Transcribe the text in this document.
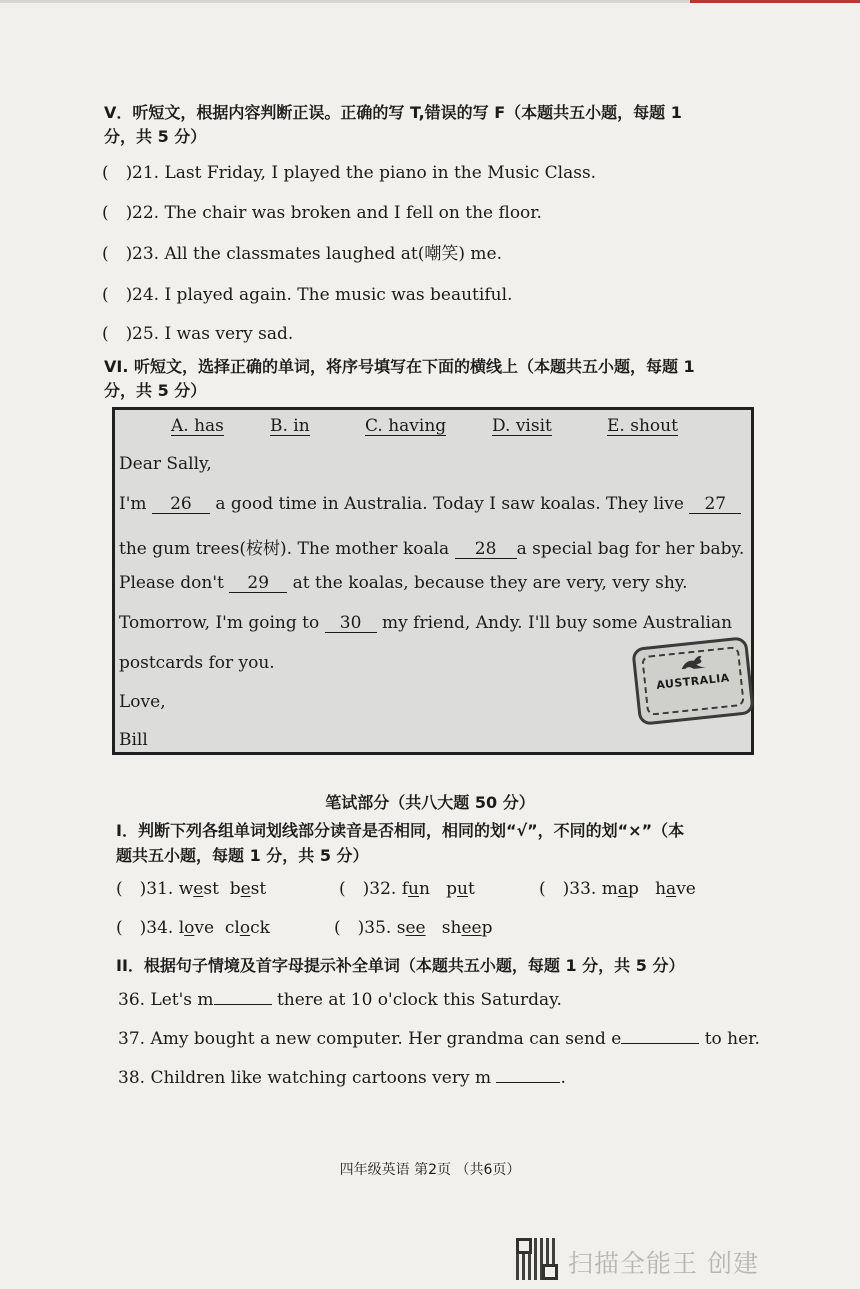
V．听短文，根据内容判断正误。正确的写 T,错误的写 F（本题共五小题，每题 1
分，共 5 分）
(　)21. Last Friday, I played the piano in the Music Class.
(　)22. The chair was broken and I fell on the floor.
(　)23. All the classmates laughed at(嘲笑) me.
(　)24. I played again. The music was beautiful.
(　)25. I was very sad.
VI. 听短文，选择正确的单词，将序号填写在下面的横线上（本题共五小题，每题 1
分，共 5 分）
A. has	B. in	C. having	D. visit	E. shout
Dear Sally,
I'm 26 a good time in Australia. Today I saw koalas. They live 27
the gum trees(桉树). The mother koala 28 a special bag for her baby.
Please don't 29 at the koalas, because they are very, very shy.
Tomorrow, I'm going to 30 my friend, Andy. I'll buy some Australian
postcards for you.
Love,
Bill
AUSTRALIA
笔试部分（共八大题 50 分）
I．判断下列各组单词划线部分读音是否相同，相同的划“√”，不同的划“×”（本
题共五小题，每题 1 分，共 5 分）
(　)31. west best	(　)32. fun put	(　)33. map have
(　)34. love clock	(　)35. see sheep
II．根据句子情境及首字母提示补全单词（本题共五小题，每题 1 分，共 5 分）
36. Let's m	there at 10 o'clock this Saturday.
37. Amy bought a new computer. Her grandma can send e	to her.
38. Children like watching cartoons very m	.
四年级英语 第2页 （共6页）
扫描全能王 创建
